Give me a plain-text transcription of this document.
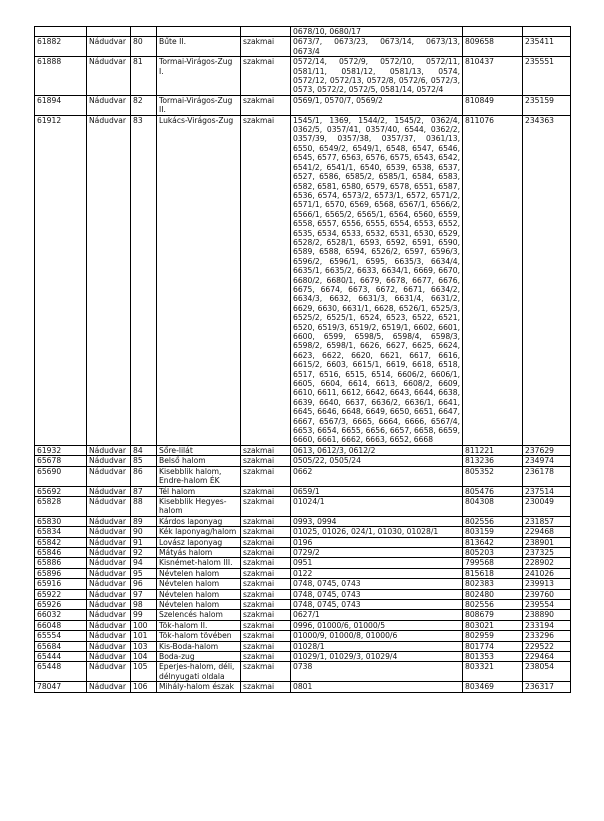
					0678/10, 0680/17		
61882	Nádudvar	80	Bűte II.	szakmai	0673/7, 0673/23, 0673/14, 0673/13, 0673/4	809658	235411
61888	Nádudvar	81	Tormai-Virágos-Zug I.	szakmai	0572/14, 0572/9, 0572/10, 0572/11, 0581/11, 0581/12, 0581/13, 0574, 0572/12, 0572/13, 0572/8, 0572/6, 0572/3, 0573, 0572/2, 0572/5, 0581/14, 0572/4	810437	235551
61894	Nádudvar	82	Tormai-Virágos-Zug II.	szakmai	0569/1, 0570/7, 0569/2	810849	235159
61912	Nádudvar	83	Lukács-Virágos-Zug	szakmai	1545/1, 1369, 1544/2, 1545/2, 0362/4, 0362/5, 0357/41, 0357/40, 6544, 0362/2, 0357/39, 0357/38, 0357/37, 0361/13, 6550, 6549/2, 6549/1, 6548, 6547, 6546, 6545, 6577, 6563, 6576, 6575, 6543, 6542, 6541/2, 6541/1, 6540, 6539, 6538, 6537, 6527, 6586, 6585/2, 6585/1, 6584, 6583, 6582, 6581, 6580, 6579, 6578, 6551, 6587, 6536, 6574, 6573/2, 6573/1, 6572, 6571/2, 6571/1, 6570, 6569, 6568, 6567/1, 6566/2, 6566/1, 6565/2, 6565/1, 6564, 6560, 6559, 6558, 6557, 6556, 6555, 6554, 6553, 6552, 6535, 6534, 6533, 6532, 6531, 6530, 6529, 6528/2, 6528/1, 6593, 6592, 6591, 6590, 6589, 6588, 6594, 6526/2, 6597, 6596/3, 6596/2, 6596/1, 6595, 6635/3, 6634/4, 6635/1, 6635/2, 6633, 6634/1, 6669, 6670, 6680/2, 6680/1, 6679, 6678, 6677, 6676, 6675, 6674, 6673, 6672, 6671, 6634/2, 6634/3, 6632, 6631/3, 6631/4, 6631/2, 6629, 6630, 6631/1, 6628, 6526/1, 6525/3, 6525/2, 6525/1, 6524, 6523, 6522, 6521, 6520, 6519/3, 6519/2, 6519/1, 6602, 6601, 6600, 6599, 6598/5, 6598/4, 6598/3, 6598/2, 6598/1, 6626, 6627, 6625, 6624, 6623, 6622, 6620, 6621, 6617, 6616, 6615/2, 6603, 6615/1, 6619, 6618, 6518, 6517, 6516, 6515, 6514, 6606/2, 6606/1, 6605, 6604, 6614, 6613, 6608/2, 6609, 6610, 6611, 6612, 6642, 6643, 6644, 6638, 6639, 6640, 6637, 6636/2, 6636/1, 6641, 6645, 6646, 6648, 6649, 6650, 6651, 6647, 6667, 6567/3, 6665, 6664, 6666, 6567/4, 6653, 6654, 6655, 6656, 6657, 6658, 6659, 6660, 6661, 6662, 6663, 6652, 6668	811076	234363
61932	Nádudvar	84	Sőre-lilát	szakmai	0613, 0612/3, 0612/2	811221	237629
65678	Nádudvar	85	Belső halom	szakmai	0505/22, 0505/24	813236	234974
65690	Nádudvar	86	Kisebblik halom, Endre-halom ÉK	szakmai	0662	805352	236178
65692	Nádudvar	87	Tél halom	szakmai	0659/1	805476	237514
65828	Nádudvar	88	Kisebblik Hegyes-halom	szakmai	01024/1	804308	230049
65830	Nádudvar	89	Kárdos laponyag	szakmai	0993, 0994	802556	231857
65834	Nádudvar	90	Kék laponyag/halom	szakmai	01025, 01026, 024/1, 01030, 01028/1	803159	229468
65842	Nádudvar	91	Lovász laponyag	szakmai	0196	813642	238901
65846	Nádudvar	92	Mátyás halom	szakmai	0729/2	805203	237325
65886	Nádudvar	94	Kisnémet-halom III.	szakmai	0951	799568	228902
65896	Nádudvar	95	Névtelen halom	szakmai	0122	815618	241026
65916	Nádudvar	96	Névtelen halom	szakmai	0748, 0745, 0743	802383	239913
65922	Nádudvar	97	Névtelen halom	szakmai	0748, 0745, 0743	802480	239760
65926	Nádudvar	98	Névtelen halom	szakmai	0748, 0745, 0743	802556	239554
66032	Nádudvar	99	Szelencés halom	szakmai	0627/1	808679	238890
66048	Nádudvar	100	Tök-halom II.	szakmai	0996, 01000/6, 01000/5	803021	233194
65554	Nádudvar	101	Tök-halom tövében	szakmai	01000/9, 01000/8, 01000/6	802959	233296
65684	Nádudvar	103	Kis-Boda-halom	szakmai	01028/1	801774	229522
65444	Nádudvar	104	Boda-zug	szakmai	01029/1, 01029/3, 01029/4	801353	229464
65448	Nádudvar	105	Eperjes-halom, déli, délnyugati oldala	szakmai	0738	803321	238054
78047	Nádudvar	106	Mihály-halom észak	szakmai	0801	803469	236317
